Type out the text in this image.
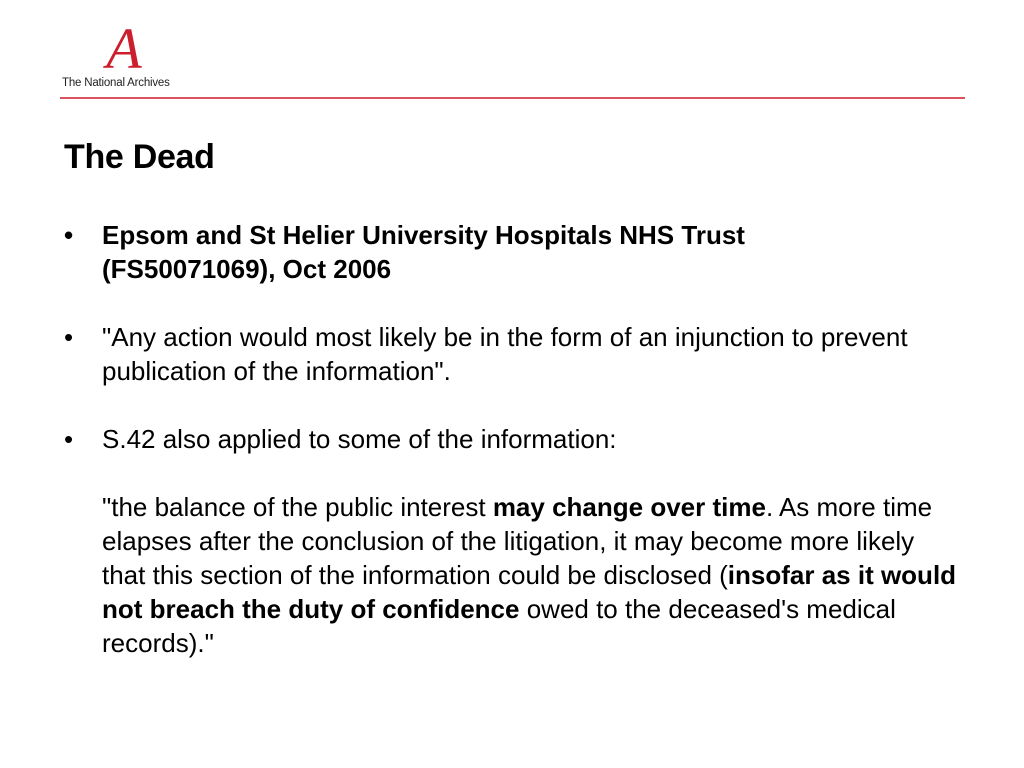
A
The National Archives
The Dead
• Epsom and St Helier University Hospitals NHS Trust
(FS50071069), Oct 2006
• "Any action would most likely be in the form of an injunction to prevent publication of the information".
• S.42 also applied to some of the information:
"the balance of the public interest may change over time. As more time elapses after the conclusion of the litigation, it may become more likely that this section of the information could be disclosed (insofar as it would not breach the duty of confidence owed to the deceased's medical records)."
